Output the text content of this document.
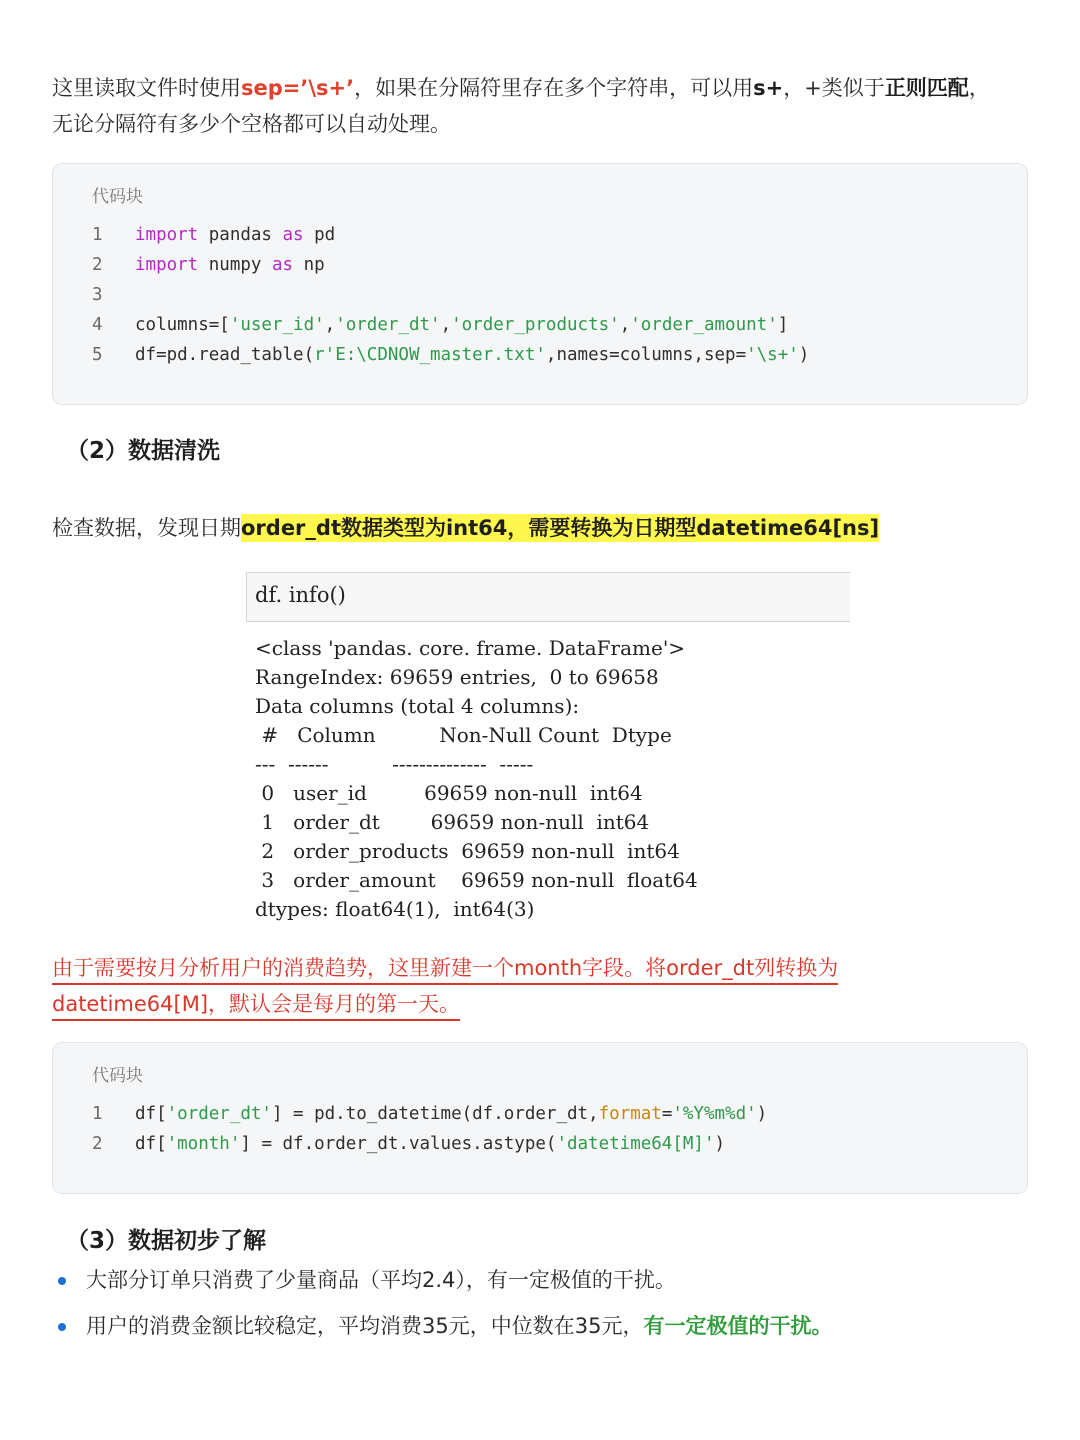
这里读取文件时使用sep=’\s+’，如果在分隔符里存在多个字符串，可以用s+，+类似于正则匹配，
无论分隔符有多少个空格都可以自动处理。
代码块
1	import pandas as pd
2	import numpy as np
3
4	columns=['user_id','order_dt','order_products','order_amount']
5	df=pd.read_table(r'E:\CDNOW_master.txt',names=columns,sep='\s+')
（2）数据清洗
检查数据，发现日期order_dt数据类型为int64，需要转换为日期型datetime64[ns]
df. info()
<class 'pandas. core. frame. DataFrame'>
RangeIndex: 69659 entries,  0 to 69658
Data columns (total 4 columns):
#   Column          Non-Null Count  Dtype
---  ------          --------------  -----
0   user_id         69659 non-null  int64
1   order_dt        69659 non-null  int64
2   order_products  69659 non-null  int64
3   order_amount    69659 non-null  float64
dtypes: float64(1),  int64(3)
由于需要按月分析用户的消费趋势，这里新建一个month字段。将order_dt列转换为
datetime64[M]，默认会是每月的第一天。
代码块
1	df['order_dt'] = pd.to_datetime(df.order_dt,format='%Y%m%d')
2	df['month'] = df.order_dt.values.astype('datetime64[M]')
（3）数据初步了解
大部分订单只消费了少量商品（平均2.4），有一定极值的干扰。
用户的消费金额比较稳定，平均消费35元，中位数在35元，有一定极值的干扰。
